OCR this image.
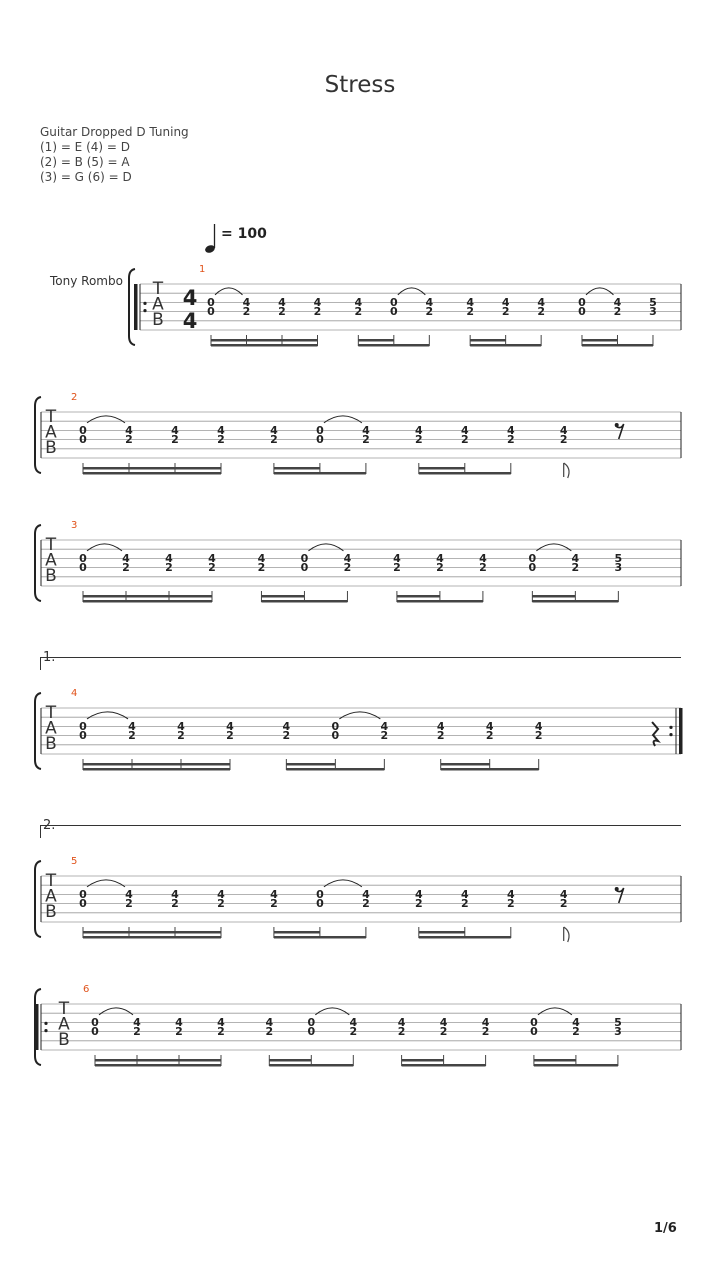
Stress
Guitar Dropped D Tuning
(1) = E (4) = D
(2) = B (5) = A
(3) = G (6) = D
= 100
Tony Rombo
1.
2.
T
A
B
4
4
1
0
0
4
2
4
2
4
2
4
2
0
0
4
2
4
2
4
2
4
2
0
0
4
2
5
3
T
A
B
2
0
0
4
2
4
2
4
2
4
2
0
0
4
2
4
2
4
2
4
2
4
2
T
A
B
3
0
0
4
2
4
2
4
2
4
2
0
0
4
2
4
2
4
2
4
2
0
0
4
2
5
3
T
A
B
4
0
0
4
2
4
2
4
2
4
2
0
0
4
2
4
2
4
2
4
2
T
A
B
5
0
0
4
2
4
2
4
2
4
2
0
0
4
2
4
2
4
2
4
2
4
2
T
A
B
6
0
0
4
2
4
2
4
2
4
2
0
0
4
2
4
2
4
2
4
2
0
0
4
2
5
3
1/6
